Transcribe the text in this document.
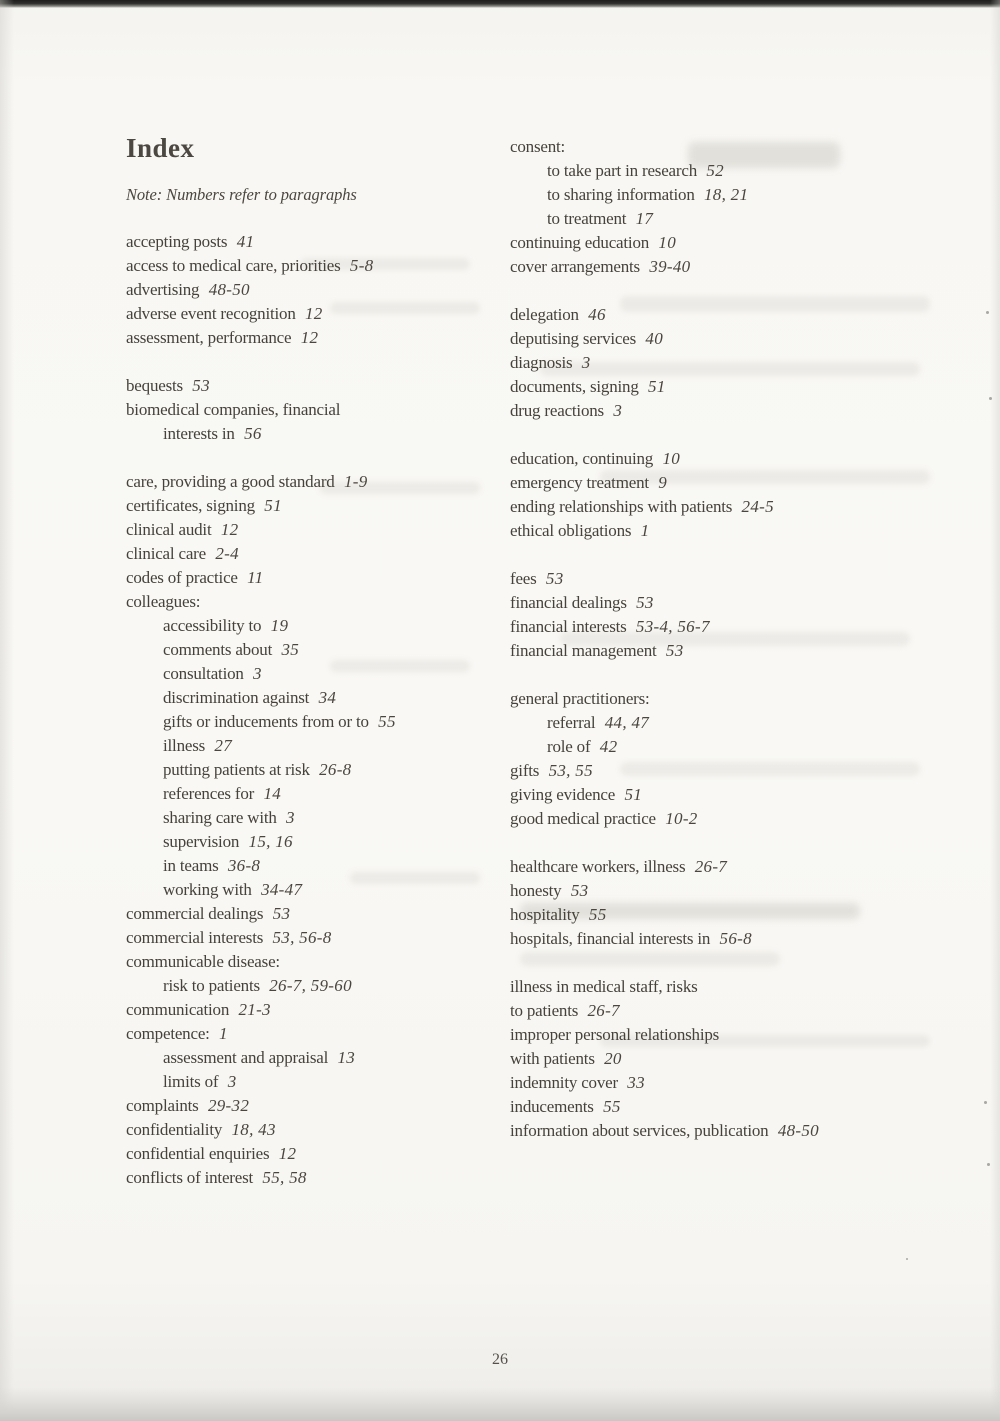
Index

Note: Numbers refer to paragraphs

accepting posts 41
access to medical care, priorities 5-8
advertising 48-50
adverse event recognition 12
assessment, performance 12
bequests 53
biomedical companies, financial
interests in 56
care, providing a good standard 1-9
certificates, signing 51
clinical audit 12
clinical care 2-4
codes of practice 11
colleagues:
accessibility to 19
comments about 35
consultation 3
discrimination against 34
gifts or inducements from or to 55
illness 27
putting patients at risk 26-8
references for 14
sharing care with 3
supervision 15, 16
in teams 36-8
working with 34-47
commercial dealings 53
commercial interests 53, 56-8
communicable disease:
risk to patients 26-7, 59-60
communication 21-3
competence: 1
assessment and appraisal 13
limits of 3
complaints 29-32
confidentiality 18, 43
confidential enquiries 12
conflicts of interest 55, 58
consent:
to take part in research 52
to sharing information 18, 21
to treatment 17
continuing education 10
cover arrangements 39-40
delegation 46
deputising services 40
diagnosis 3
documents, signing 51
drug reactions 3
education, continuing 10
emergency treatment 9
ending relationships with patients 24-5
ethical obligations 1
fees 53
financial dealings 53
financial interests 53-4, 56-7
financial management 53
general practitioners:
referral 44, 47
role of 42
gifts 53, 55
giving evidence 51
good medical practice 10-2
healthcare workers, illness 26-7
honesty 53
hospitality 55
hospitals, financial interests in 56-8
illness in medical staff, risks
to patients 26-7
improper personal relationships
with patients 20
indemnity cover 33
inducements 55
information about services, publication 48-50
26
